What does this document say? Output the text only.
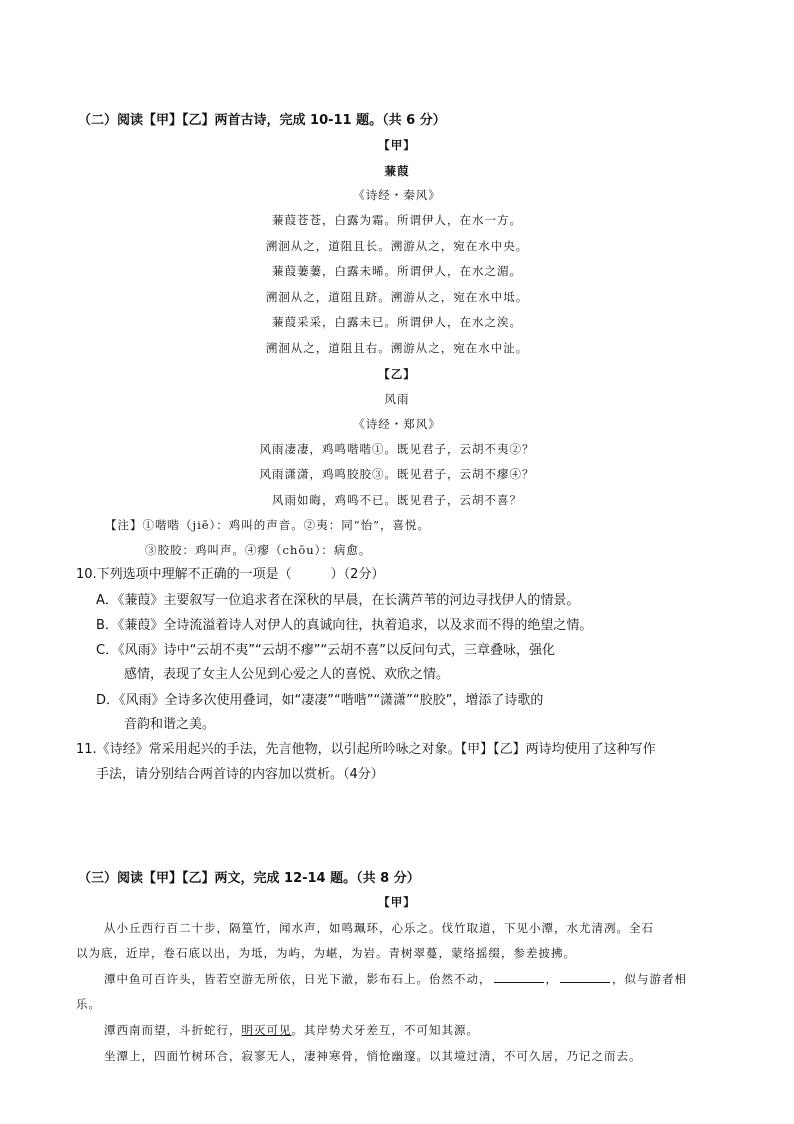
（二）阅读【甲】【乙】两首古诗，完成 10-11 题。（共 6 分）
【甲】
蒹葭
《诗经・秦风》
蒹葭苍苍，白露为霜。所谓伊人，在水一方。
溯洄从之，道阻且长。溯游从之，宛在水中央。
蒹葭萋萋，白露未晞。所谓伊人，在水之湄。
溯洄从之，道阻且跻。溯游从之，宛在水中坻。
蒹葭采采，白露未已。所谓伊人，在水之涘。
溯洄从之，道阻且右。溯游从之，宛在水中沚。
【乙】
风雨
《诗经・郑风》
风雨凄凄，鸡鸣喈喈①。既见君子，云胡不夷②？
风雨潇潇，鸡鸣胶胶③。既见君子，云胡不瘳④？
风雨如晦，鸡鸣不已。既见君子，云胡不喜？
【注】①喈喈（jiē）：鸡叫的声音。②夷：同“怡”，喜悦。
③胶胶：鸡叫声。④瘳（chōu）：病愈。
10.下列选项中理解不正确的一项是（　　　）（2分）
A．《蒹葭》主要叙写一位追求者在深秋的早晨，在长满芦苇的河边寻找伊人的情景。
B．《蒹葭》全诗流溢着诗人对伊人的真诚向往，执着追求，以及求而不得的绝望之情。
C．《风雨》诗中“云胡不夷”“云胡不瘳”“云胡不喜”以反问句式，三章叠咏，强化
感情，表现了女主人公见到心爱之人的喜悦、欢欣之情。
D．《风雨》全诗多次使用叠词，如“凄凄”“喈喈”“潇潇”“胶胶”，增添了诗歌的
音韵和谐之美。
11.《诗经》常采用起兴的手法，先言他物，以引起所吟咏之对象。【甲】【乙】两诗均使用了这种写作
手法，请分别结合两首诗的内容加以赏析。（4分）
（三）阅读【甲】【乙】两文，完成 12-14 题。（共 8 分）
【甲】
从小丘西行百二十步，隔篁竹，闻水声，如鸣珮环，心乐之。伐竹取道，下见小潭，水尤清冽。全石
以为底，近岸，卷石底以出，为坻，为屿，为嵁，为岩。青树翠蔓，蒙络摇缀，参差披拂。
潭中鱼可百许头，皆若空游无所依，日光下澈，影布石上。佁然不动，	，	，似与游者相
乐。
潭西南而望，斗折蛇行，明灭可见。其岸势犬牙差互，不可知其源。
坐潭上，四面竹树环合，寂寥无人，凄神寒骨，悄怆幽邃。以其境过清，不可久居，乃记之而去。
